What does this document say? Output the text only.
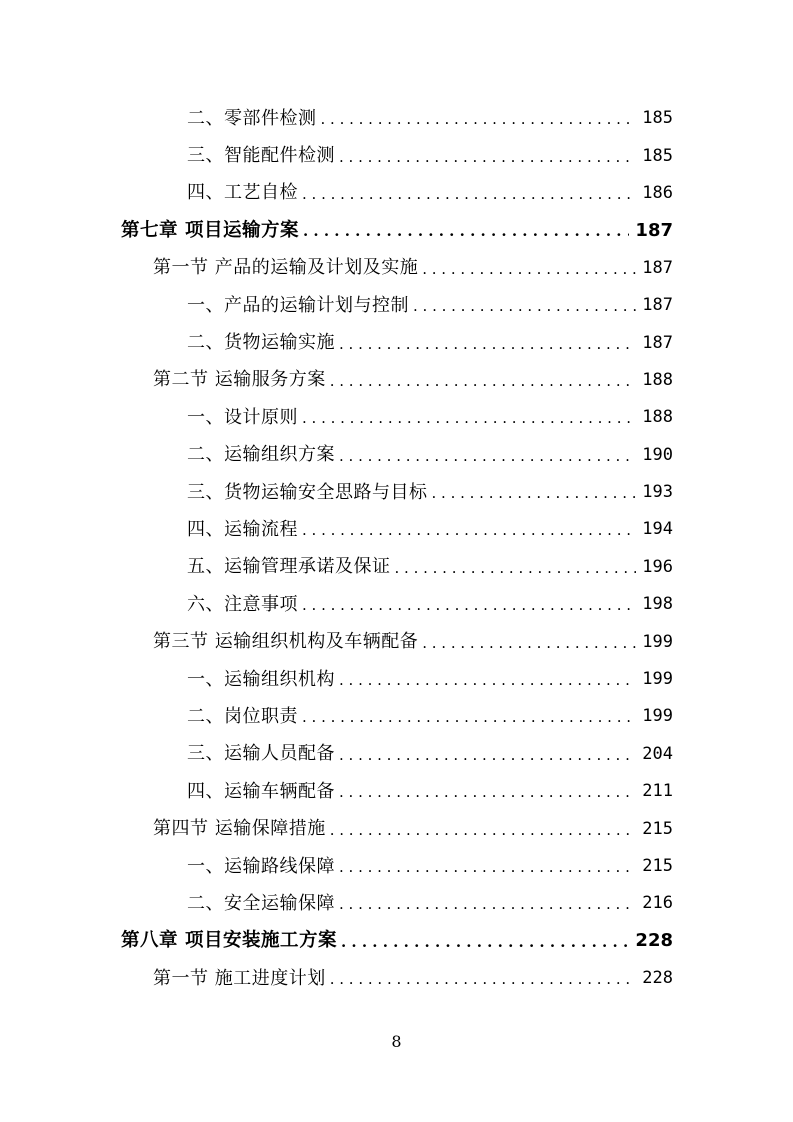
二、零部件检测 . . .	185
三、智能配件检测 . . .	185
四、工艺自检 . . .	186
第七章 项目运输方案 . . .	187
第一节 产品的运输及计划及实施 . . .	187
一、产品的运输计划与控制 . . .	187
二、货物运输实施 . . .	187
第二节 运输服务方案 . . .	188
一、设计原则 . . .	188
二、运输组织方案 . . .	190
三、货物运输安全思路与目标 . . .	193
四、运输流程 . . .	194
五、运输管理承诺及保证 . . .	196
六、注意事项 . . .	198
第三节 运输组织机构及车辆配备 . . .	199
一、运输组织机构 . . .	199
二、岗位职责 . . .	199
三、运输人员配备 . . .	204
四、运输车辆配备 . . .	211
第四节 运输保障措施 . . .	215
一、运输路线保障 . . .	215
二、安全运输保障 . . .	216
第八章 项目安装施工方案 . . .	228
第一节 施工进度计划 . . .	228
8
